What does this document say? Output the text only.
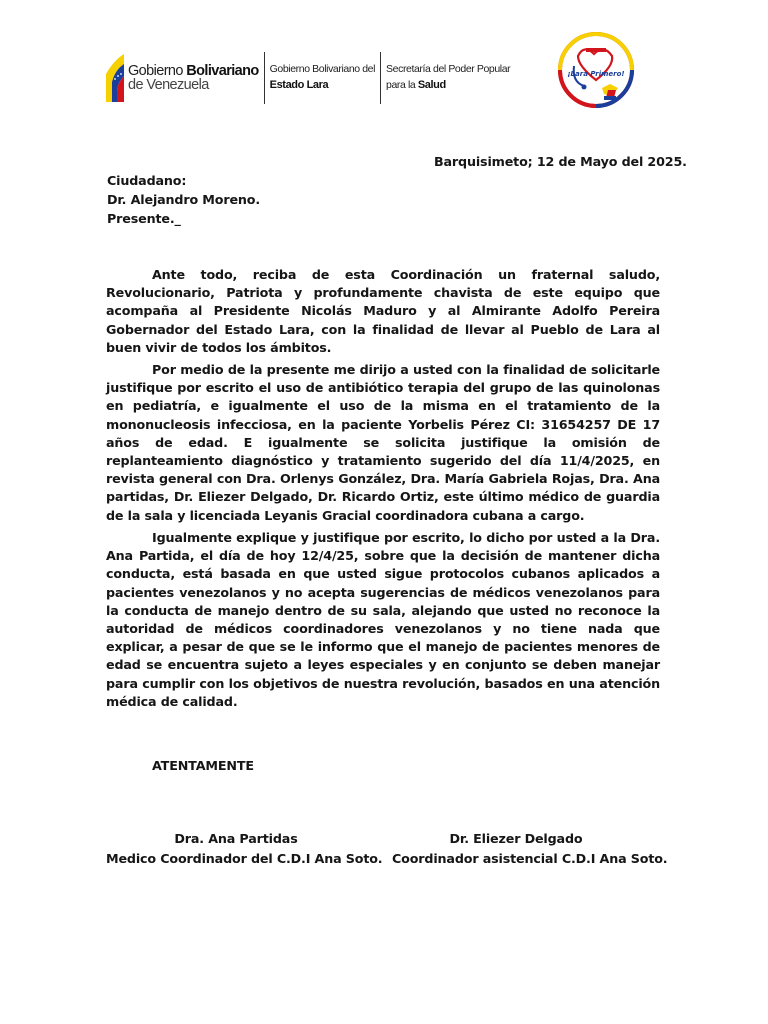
Gobierno Bolivariano
de Venezuela
Gobierno Bolivariano del
Estado Lara
Secretaría del Poder Popular
para la Salud
¡Lara Primero!
Barquisimeto; 12 de Mayo del 2025.
Ciudadano:
Dr. Alejandro Moreno.
Presente._
Ante todo, reciba de esta Coordinación un fraternal saludo, Revolucionario, Patriota y profundamente chavista de este equipo que acompaña al Presidente Nicolás Maduro y al Almirante Adolfo Pereira Gobernador del Estado Lara, con la finalidad de llevar al Pueblo de Lara al buen vivir de todos los ámbitos.
Por medio de la presente me dirijo a usted con la finalidad de solicitarle justifique por escrito el uso de antibiótico terapia del grupo de las quinolonas en pediatría, e igualmente el uso de la misma en el tratamiento de la mononucleosis infecciosa, en la paciente Yorbelis Pérez CI: 31654257 DE 17 años de edad. E igualmente se solicita justifique la omisión de replanteamiento diagnóstico y tratamiento sugerido del día 11/4/2025, en revista general con Dra. Orlenys González, Dra. María Gabriela Rojas, Dra. Ana partidas, Dr. Eliezer Delgado, Dr. Ricardo Ortiz, este último médico de guardia de la sala y licenciada Leyanis Gracial coordinadora cubana a cargo.
Igualmente explique y justifique por escrito, lo dicho por usted a la Dra. Ana Partida, el día de hoy 12/4/25, sobre que la decisión de mantener dicha conducta, está basada en que usted sigue protocolos cubanos aplicados a pacientes venezolanos y no acepta sugerencias de médicos venezolanos para la conducta de manejo dentro de su sala, alejando que usted no reconoce la autoridad de médicos coordinadores venezolanos y no tiene nada que explicar, a pesar de que se le informo que el manejo de pacientes menores de edad se encuentra sujeto a leyes especiales y en conjunto se deben manejar para cumplir con los objetivos de nuestra revolución, basados en una atención médica de calidad.
ATENTAMENTE
Dra. Ana Partidas
Medico Coordinador del C.D.I Ana Soto.
Dr. Eliezer Delgado
Coordinador asistencial C.D.I Ana Soto.
